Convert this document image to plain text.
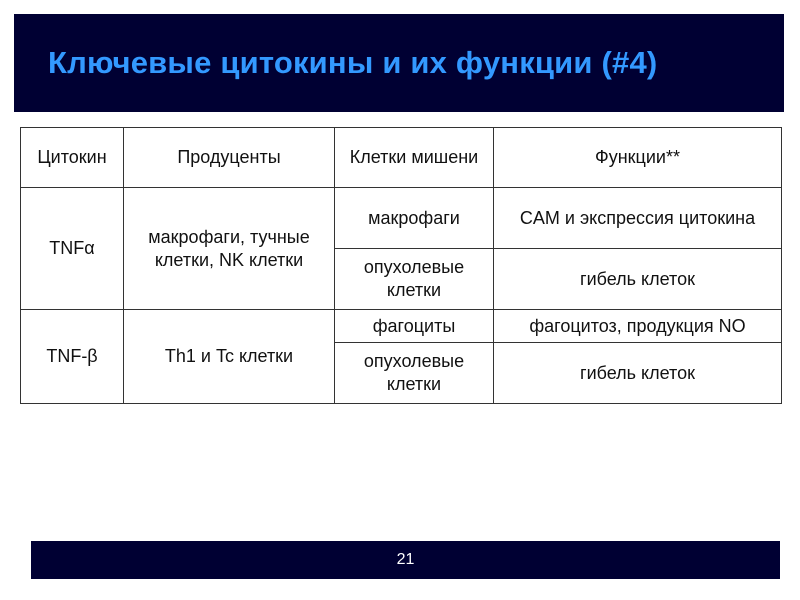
Ключевые цитокины и их функции (#4)
Цитокин	Продуценты	Клетки мишени	Функции**
TNFα	макрофаги, тучные клетки, NK клетки	макрофаги	CAM и экспрессия цитокина
		опухолевые клетки	гибель клеток
TNF-β	Th1 и Tc клетки	фагоциты	фагоцитоз, продукция NO
		опухолевые клетки	гибель клеток
21
